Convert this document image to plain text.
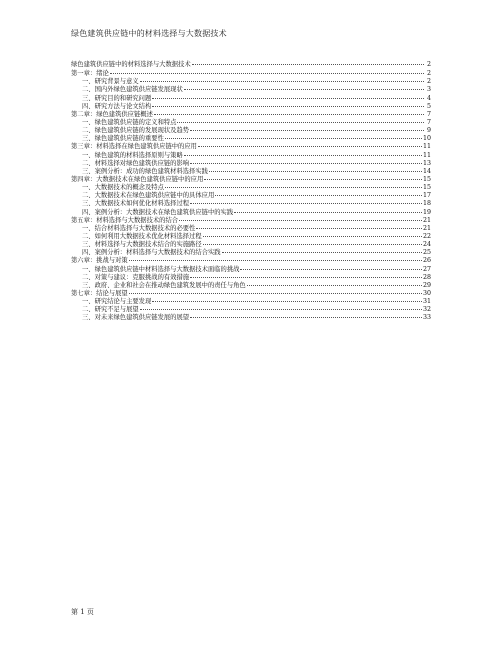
绿色建筑供应链中的材料选择与大数据技术
绿色建筑供应链中的材料选择与大数据技术	2
第一章：绪论	2
一、研究背景与意义	2
二、国内外绿色建筑供应链发展现状	3
三、研究目的和研究问题	4
四、研究方法与论文结构	5
第二章：绿色建筑供应链概述	7
一、绿色建筑供应链的定义和特点	7
二、绿色建筑供应链的发展现状及趋势	9
三、绿色建筑供应链的重要性	10
第三章：材料选择在绿色建筑供应链中的应用	11
一、绿色建筑的材料选择原则与策略	11
二、材料选择对绿色建筑供应链的影响	13
三、案例分析：成功的绿色建筑材料选择实践	14
第四章：大数据技术在绿色建筑供应链中的应用	15
一、大数据技术的概念及特点	15
二、大数据技术在绿色建筑供应链中的具体应用	17
三、大数据技术如何优化材料选择过程	18
四、案例分析：大数据技术在绿色建筑供应链中的实践	19
第五章：材料选择与大数据技术的结合	21
一、结合材料选择与大数据技术的必要性	21
二、如何利用大数据技术优化材料选择过程	22
三、材料选择与大数据技术结合的实施路径	24
四、案例分析：材料选择与大数据技术的结合实践	25
第六章：挑战与对策	26
一、绿色建筑供应链中材料选择与大数据技术面临的挑战	27
二、对策与建议：克服挑战的有效措施	28
三、政府、企业和社会在推动绿色建筑发展中的责任与角色	29
第七章：结论与展望	30
一、研究结论与主要发现	31
二、研究不足与展望	32
三、对未来绿色建筑供应链发展的展望	33
第 1 页
